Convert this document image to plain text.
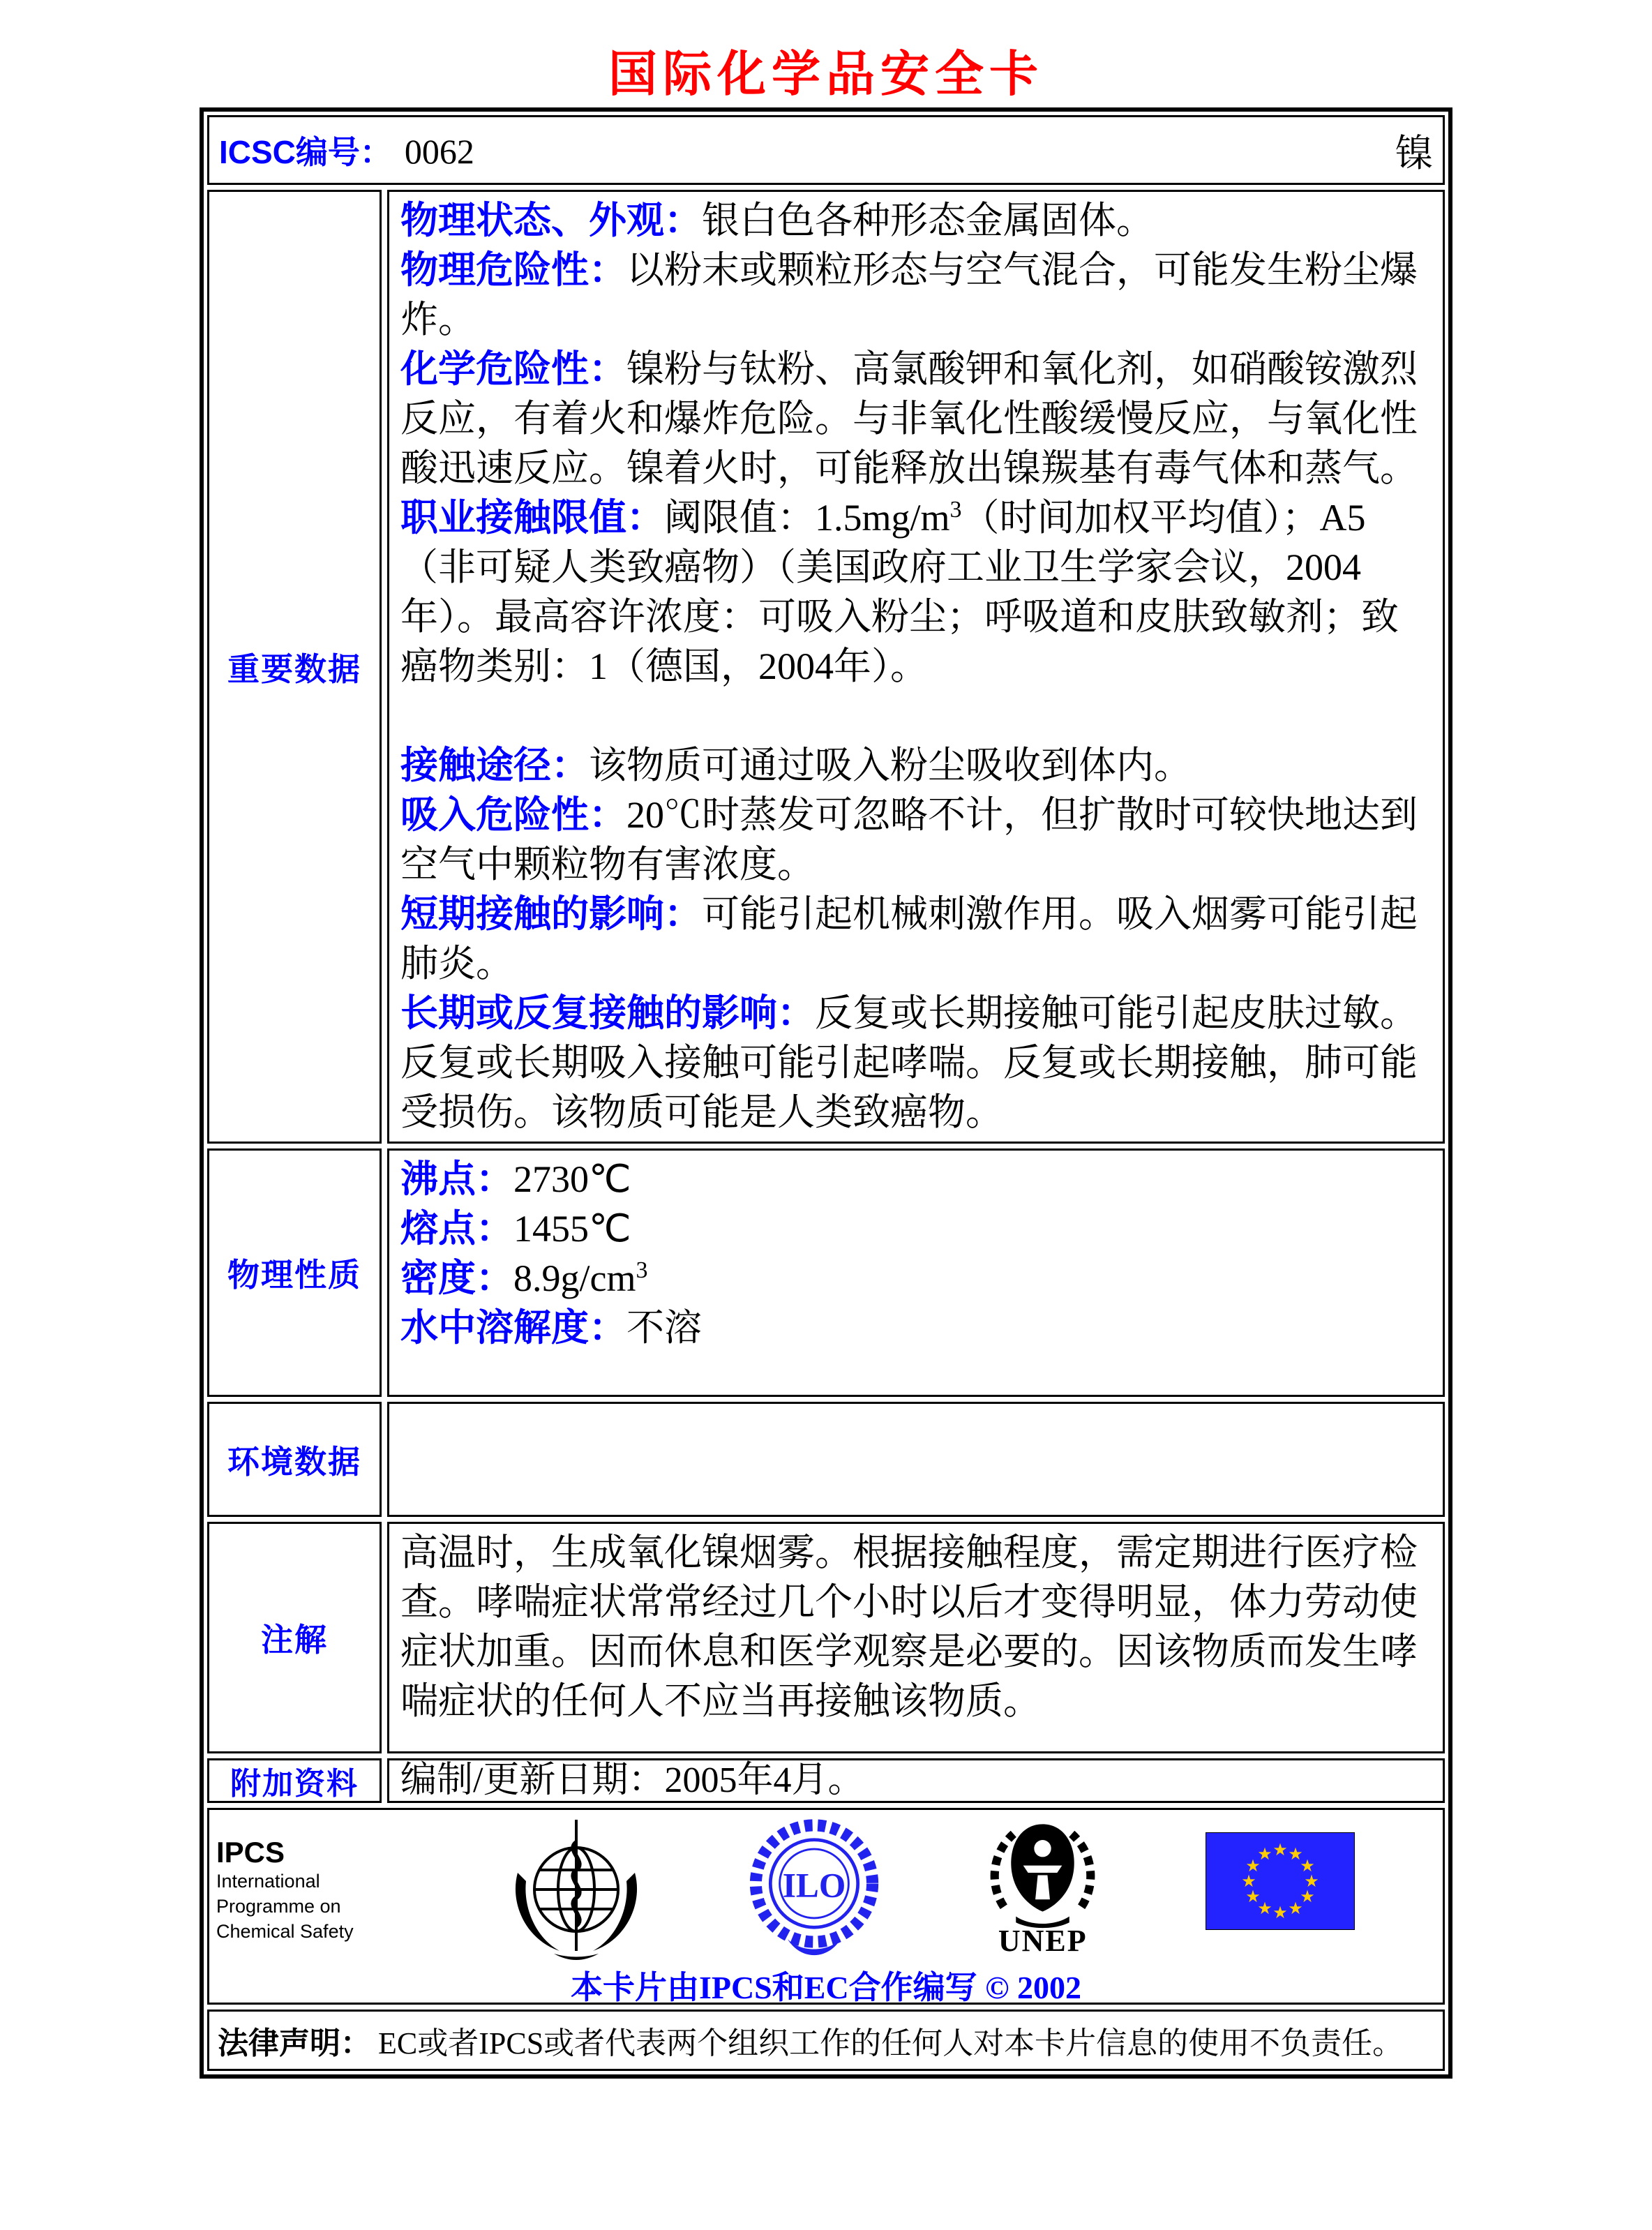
国际化学品安全卡
ICSC编号： 0062	镍
重要数据

物理状态、外观：银白色各种形态金属固体。

物理危险性：以粉末或颗粒形态与空气混合，可能发生粉尘爆炸。

化学危险性：镍粉与钛粉、高氯酸钾和氧化剂，如硝酸铵激烈反应，有着火和爆炸危险。与非氧化性酸缓慢反应，与氧化性酸迅速反应。镍着火时，可能释放出镍羰基有毒气体和蒸气。

职业接触限值：阈限值：$1.5mg/m^3$（时间加权平均值）；A5（非可疑人类致癌物）（美国政府工业卫生学家会议，2004年）。最高容许浓度：可吸入粉尘；呼吸道和皮肤致敏剂；致癌物类别：1（德国，2004年）。

接触途径：该物质可通过吸入粉尘吸收到体内。

吸入危险性：20℃时蒸发可忽略不计，但扩散时可较快地达到空气中颗粒物有害浓度。

短期接触的影响：可能引起机械刺激作用。吸入烟雾可能引起肺炎。

长期或反复接触的影响：反复或长期接触可能引起皮肤过敏。反复或长期吸入接触可能引起哮喘。反复或长期接触，肺可能受损伤。该物质可能是人类致癌物。

物理性质

沸点：2730℃

熔点：1455℃

密度：$8.9g/cm^3$

水中溶解度：不溶

环境数据
注解

高温时，生成氧化镍烟雾。根据接触程度，需定期进行医疗检查。哮喘症状常常经过几个小时以后才变得明显，体力劳动使症状加重。因而休息和医学观察是必要的。因该物质而发生哮喘症状的任何人不应当再接触该物质。

附加资料	编制/更新日期：2005年4月。

IPCS
International
Programme on
Chemical Safety
ILO
UNEP
★ ★
★
★
★
★
★
★
★
★
★
★
本卡片由IPCS和EC合作编写 © 2002
法律声明： EC或者IPCS或者代表两个组织工作的任何人对本卡片信息的使用不负责任。
